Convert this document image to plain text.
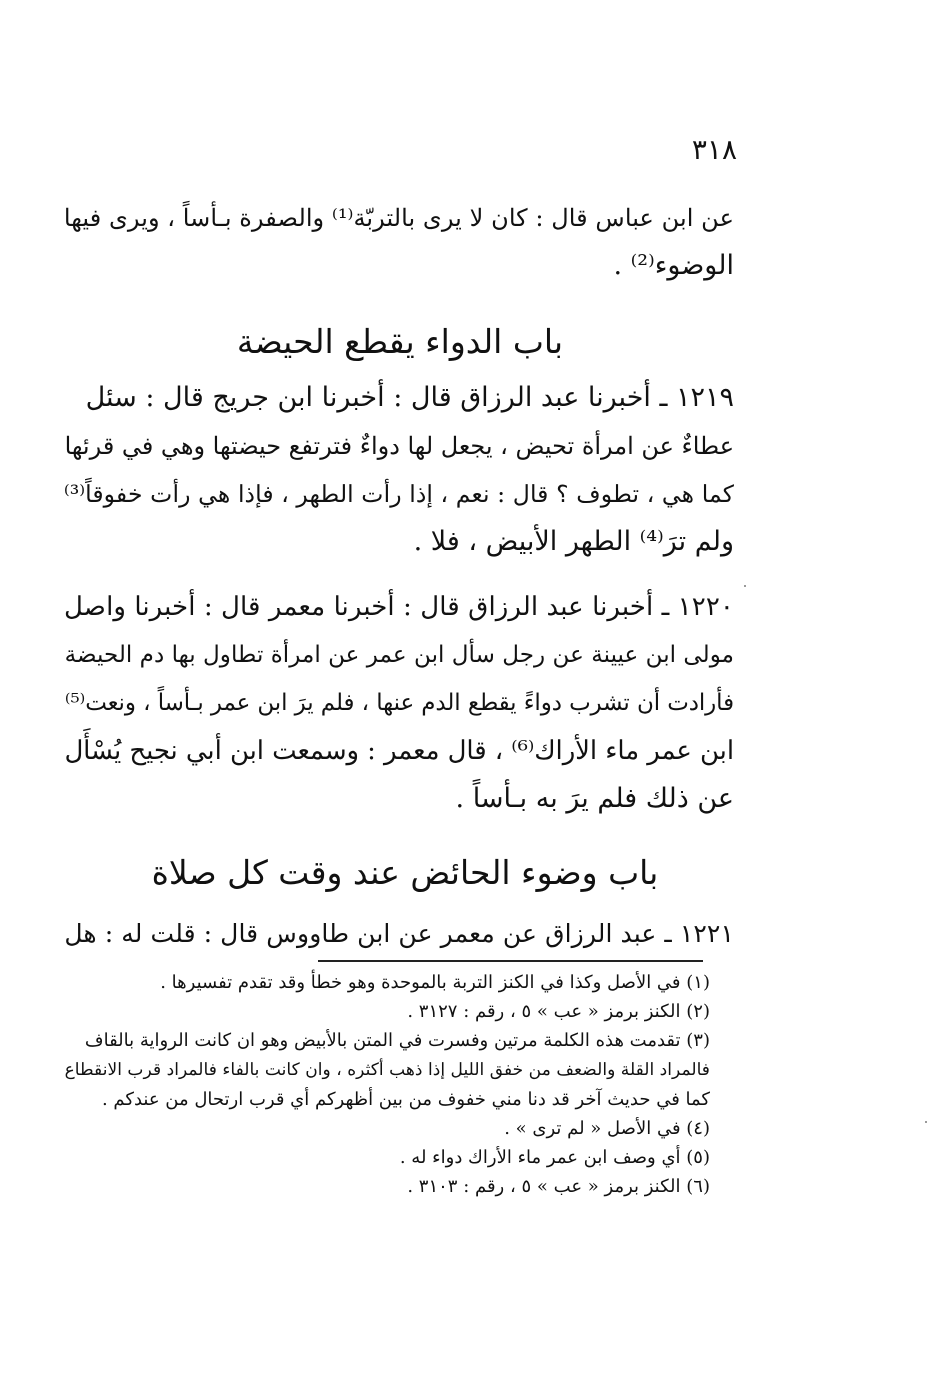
٣١٨
عن ابن عباس قال : كان لا يرى بالتربّة⁽¹⁾ والصفرة بـأساً ، ويرى فيها
الوضوء⁽²⁾ .
باب الدواء يقطع الحيضة
١٢١٩ ـ أخبرنا عبد الرزاق قال : أخبرنا ابن جريج قال : سئل
عطاءٌ عن امرأة تحيض ، يجعل لها دواءٌ فترتفع حيضتها وهي في قرئها
كما هي ، تطوف ؟ قال : نعم ، إذا رأت الطهر ، فإذا هي رأت خفوقاً⁽³⁾
ولم ترَ⁽⁴⁾ الطهر الأبيض ، فلا .
١٢٢٠ ـ أخبرنا عبد الرزاق قال : أخبرنا معمر قال : أخبرنا واصل
مولى ابن عيينة عن رجل سأل ابن عمر عن امرأة تطاول بها دم الحيضة
فأرادت أن تشرب دواءً يقطع الدم عنها ، فلم يرَ ابن عمر بـأساً ، ونعت⁽⁵⁾
ابن عمر ماء الأراك⁽⁶⁾ ، قال معمر : وسمعت ابن أبي نجيح يُسْأَل
عن ذلك فلم يرَ به بـأساً .
باب وضوء الحائض عند وقت كل صلاة
١٢٢١ ـ عبد الرزاق عن معمر عن ابن طاووس قال : قلت له : هل
(١) في الأصل وكذا في الكنز التربة بالموحدة وهو خطأ وقد تقدم تفسيرها .
(٢) الكنز برمز « عب » ٥ ، رقم : ٣١٢٧ .
(٣) تقدمت هذه الكلمة مرتين وفسرت في المتن بالأبيض وهو ان كانت الرواية بالقاف
فالمراد القلة والضعف من خفق الليل إذا ذهب أكثره ، وان كانت بالفاء فالمراد قرب الانقطاع
كما في حديث آخر قد دنا مني خفوف من بين أظهركم أي قرب ارتحال من عندكم .
(٤) في الأصل « لم ترى » .
(٥) أي وصف ابن عمر ماء الأراك دواء له .
(٦) الكنز برمز « عب » ٥ ، رقم : ٣١٠٣ .
